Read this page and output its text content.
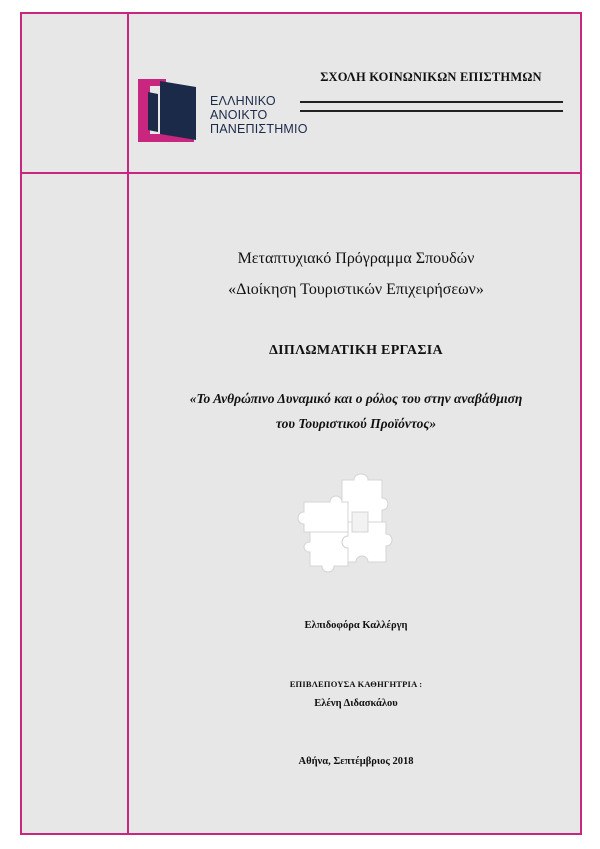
ΕΛΛΗΝΙΚΟ
ΑΝΟΙΚΤΟ
ΠΑΝΕΠΙΣΤΗΜΙΟ
ΣΧΟΛΗ ΚΟΙΝΩΝΙΚΩΝ ΕΠΙΣΤΗΜΩΝ
Μεταπτυχιακό Πρόγραμμα Σπουδών
«Διοίκηση Τουριστικών Επιχειρήσεων»
ΔΙΠΛΩΜΑΤΙΚΗ ΕΡΓΑΣΙΑ
«Το Ανθρώπινο Δυναμικό και ο ρόλος του στην αναβάθμιση
του Τουριστικού Προϊόντος»
Ελπιδοφόρα Καλλέργη
ΕΠΙΒΛΕΠΟΥΣΑ ΚΑΘΗΓΗΤΡΙΑ :
Ελένη Διδασκάλου
Αθήνα, Σεπτέμβριος 2018
